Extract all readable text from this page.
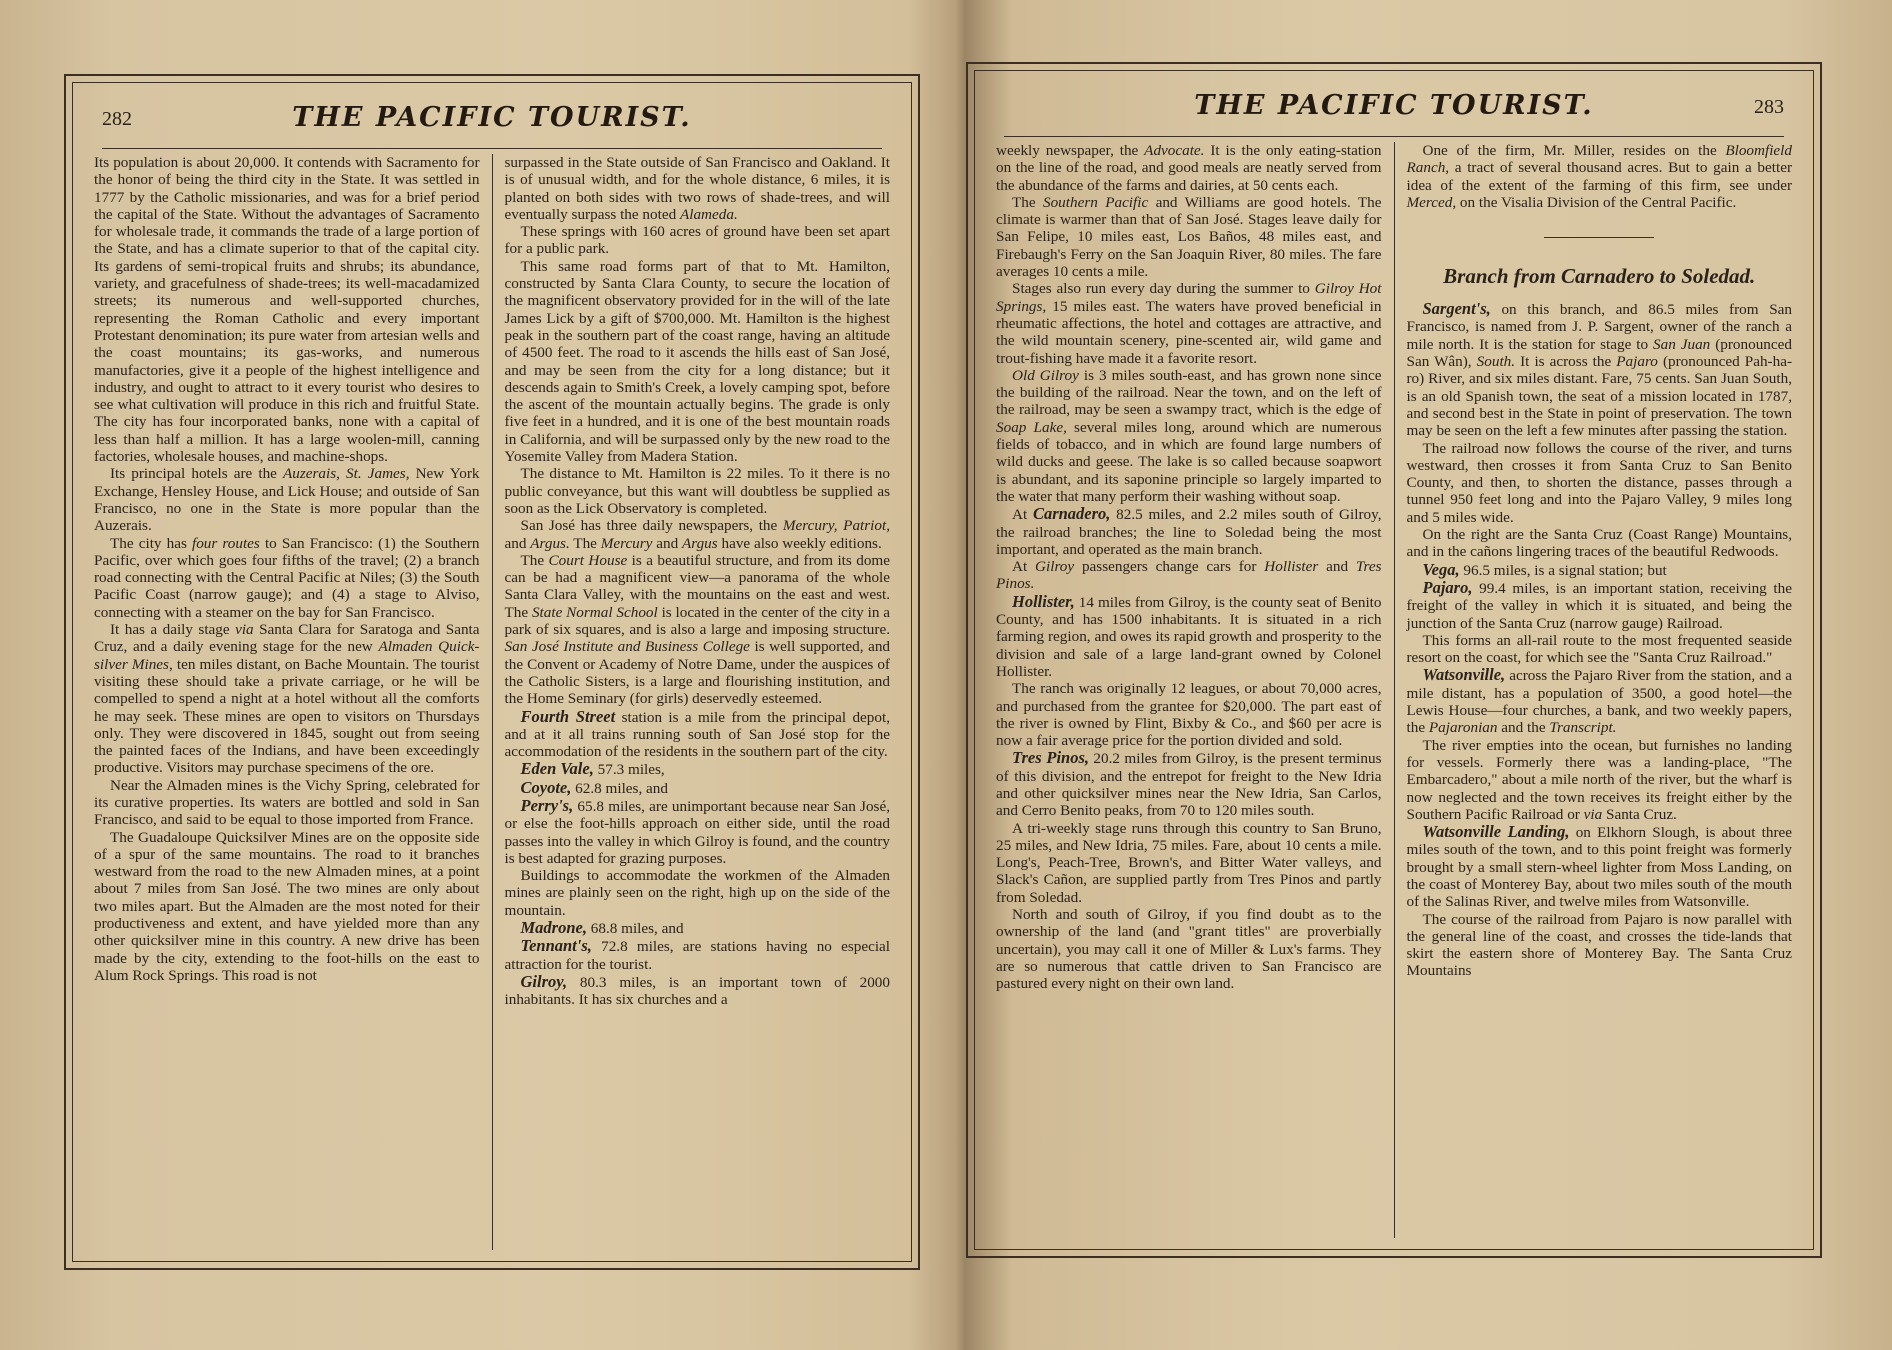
282	THE PACIFIC TOURIST.

Its population is about 20,000. It contends with Sacramento for the honor of being the third city in the State. It was settled in 1777 by the Catholic missionaries, and was for a brief period the capital of the State. Without the advantages of Sacramento for wholesale trade, it commands the trade of a large portion of the State, and has a climate superior to that of the capital city. Its gardens of semi-tropical fruits and shrubs; its abundance, variety, and gracefulness of shade-trees; its well-macadamized streets; its numerous and well-supported churches, representing the Roman Catholic and every important Protestant denomination; its pure water from artesian wells and the coast mountains; its gas-works, and numerous manufactories, give it a people of the highest intelligence and industry, and ought to attract to it every tourist who desires to see what cultivation will produce in this rich and fruitful State. The city has four incorporated banks, none with a capital of less than half a million. It has a large woolen-mill, canning factories, wholesale houses, and machine-shops.

Its principal hotels are the Auzerais, St. James, New York Exchange, Hensley House, and Lick House; and outside of San Francisco, no one in the State is more popular than the Auzerais.

The city has four routes to San Francisco: (1) the Southern Pacific, over which goes four fifths of the travel; (2) a branch road connecting with the Central Pacific at Niles; (3) the South Pacific Coast (narrow gauge); and (4) a stage to Alviso, connecting with a steamer on the bay for San Francisco.

It has a daily stage via Santa Clara for Saratoga and Santa Cruz, and a daily evening stage for the new Almaden Quick-silver Mines, ten miles distant, on Bache Mountain. The tourist visiting these should take a private carriage, or he will be compelled to spend a night at a hotel without all the comforts he may seek. These mines are open to visitors on Thursdays only. They were discovered in 1845, sought out from seeing the painted faces of the Indians, and have been exceedingly productive. Visitors may purchase specimens of the ore.

Near the Almaden mines is the Vichy Spring, celebrated for its curative properties. Its waters are bottled and sold in San Francisco, and said to be equal to those imported from France.

The Guadaloupe Quicksilver Mines are on the opposite side of a spur of the same mountains. The road to it branches westward from the road to the new Almaden mines, at a point about 7 miles from San José. The two mines are only about two miles apart. But the Almaden are the most noted for their productiveness and extent, and have yielded more than any other quicksilver mine in this country. A new drive has been made by the city, extending to the foot-hills on the east to Alum Rock Springs. This road is not

surpassed in the State outside of San Francisco and Oakland. It is of unusual width, and for the whole distance, 6 miles, it is planted on both sides with two rows of shade-trees, and will eventually surpass the noted Alameda.

These springs with 160 acres of ground have been set apart for a public park.

This same road forms part of that to Mt. Hamilton, constructed by Santa Clara County, to secure the location of the magnificent observatory provided for in the will of the late James Lick by a gift of $700,000. Mt. Hamilton is the highest peak in the southern part of the coast range, having an altitude of 4500 feet. The road to it ascends the hills east of San José, and may be seen from the city for a long distance; but it descends again to Smith's Creek, a lovely camping spot, before the ascent of the mountain actually begins. The grade is only five feet in a hundred, and it is one of the best mountain roads in California, and will be surpassed only by the new road to the Yosemite Valley from Madera Station.

The distance to Mt. Hamilton is 22 miles. To it there is no public conveyance, but this want will doubtless be supplied as soon as the Lick Observatory is completed.

San José has three daily newspapers, the Mercury, Patriot, and Argus. The Mercury and Argus have also weekly editions.

The Court House is a beautiful structure, and from its dome can be had a magnificent view—a panorama of the whole Santa Clara Valley, with the mountains on the east and west. The State Normal School is located in the center of the city in a park of six squares, and is also a large and imposing structure. San José Institute and Business College is well supported, and the Convent or Academy of Notre Dame, under the auspices of the Catholic Sisters, is a large and flourishing institution, and the Home Seminary (for girls) deservedly esteemed.

Fourth Street station is a mile from the principal depot, and at it all trains running south of San José stop for the accommodation of the residents in the southern part of the city.

Eden Vale, 57.3 miles,

Coyote, 62.8 miles, and

Perry's, 65.8 miles, are unimportant because near San José, or else the foot-hills approach on either side, until the road passes into the valley in which Gilroy is found, and the country is best adapted for grazing purposes.

Buildings to accommodate the workmen of the Almaden mines are plainly seen on the right, high up on the side of the mountain.

Madrone, 68.8 miles, and

Tennant's, 72.8 miles, are stations having no especial attraction for the tourist.

Gilroy, 80.3 miles, is an important town of 2000 inhabitants. It has six churches and a

THE PACIFIC TOURIST.	283

weekly newspaper, the Advocate. It is the only eating-station on the line of the road, and good meals are neatly served from the abundance of the farms and dairies, at 50 cents each.

The Southern Pacific and Williams are good hotels. The climate is warmer than that of San José. Stages leave daily for San Felipe, 10 miles east, Los Baños, 48 miles east, and Firebaugh's Ferry on the San Joaquin River, 80 miles. The fare averages 10 cents a mile.

Stages also run every day during the summer to Gilroy Hot Springs, 15 miles east. The waters have proved beneficial in rheumatic affections, the hotel and cottages are attractive, and the wild mountain scenery, pine-scented air, wild game and trout-fishing have made it a favorite resort.

Old Gilroy is 3 miles south-east, and has grown none since the building of the railroad. Near the town, and on the left of the railroad, may be seen a swampy tract, which is the edge of Soap Lake, several miles long, around which are numerous fields of tobacco, and in which are found large numbers of wild ducks and geese. The lake is so called because soapwort is abundant, and its saponine principle so largely imparted to the water that many perform their washing without soap.

At Carnadero, 82.5 miles, and 2.2 miles south of Gilroy, the railroad branches; the line to Soledad being the most important, and operated as the main branch.

At Gilroy passengers change cars for Hollister and Tres Pinos.

Hollister, 14 miles from Gilroy, is the county seat of Benito County, and has 1500 inhabitants. It is situated in a rich farming region, and owes its rapid growth and prosperity to the division and sale of a large land-grant owned by Colonel Hollister.

The ranch was originally 12 leagues, or about 70,000 acres, and purchased from the grantee for $20,000. The part east of the river is owned by Flint, Bixby & Co., and $60 per acre is now a fair average price for the portion divided and sold.

Tres Pinos, 20.2 miles from Gilroy, is the present terminus of this division, and the entrepot for freight to the New Idria and other quicksilver mines near the New Idria, San Carlos, and Cerro Benito peaks, from 70 to 120 miles south.

A tri-weekly stage runs through this country to San Bruno, 25 miles, and New Idria, 75 miles. Fare, about 10 cents a mile. Long's, Peach-Tree, Brown's, and Bitter Water valleys, and Slack's Cañon, are supplied partly from Tres Pinos and partly from Soledad.

North and south of Gilroy, if you find doubt as to the ownership of the land (and "grant titles" are proverbially uncertain), you may call it one of Miller & Lux's farms. They are so numerous that cattle driven to San Francisco are pastured every night on their own land.

One of the firm, Mr. Miller, resides on the Bloomfield Ranch, a tract of several thousand acres. But to gain a better idea of the extent of the farming of this firm, see under Merced, on the Visalia Division of the Central Pacific.

Branch from Carnadero to Soledad.

Sargent's, on this branch, and 86.5 miles from San Francisco, is named from J. P. Sargent, owner of the ranch a mile north. It is the station for stage to San Juan (pronounced San Wân), South. It is across the Pajaro (pronounced Pah-ha-ro) River, and six miles distant. Fare, 75 cents. San Juan South, is an old Spanish town, the seat of a mission located in 1787, and second best in the State in point of preservation. The town may be seen on the left a few minutes after passing the station.

The railroad now follows the course of the river, and turns westward, then crosses it from Santa Cruz to San Benito County, and then, to shorten the distance, passes through a tunnel 950 feet long and into the Pajaro Valley, 9 miles long and 5 miles wide.

On the right are the Santa Cruz (Coast Range) Mountains, and in the cañons lingering traces of the beautiful Redwoods.

Vega, 96.5 miles, is a signal station; but

Pajaro, 99.4 miles, is an important station, receiving the freight of the valley in which it is situated, and being the junction of the Santa Cruz (narrow gauge) Railroad.

This forms an all-rail route to the most frequented seaside resort on the coast, for which see the "Santa Cruz Railroad."

Watsonville, across the Pajaro River from the station, and a mile distant, has a population of 3500, a good hotel—the Lewis House—four churches, a bank, and two weekly papers, the Pajaronian and the Transcript.

The river empties into the ocean, but furnishes no landing for vessels. Formerly there was a landing-place, "The Embarcadero," about a mile north of the river, but the wharf is now neglected and the town receives its freight either by the Southern Pacific Railroad or via Santa Cruz.

Watsonville Landing, on Elkhorn Slough, is about three miles south of the town, and to this point freight was formerly brought by a small stern-wheel lighter from Moss Landing, on the coast of Monterey Bay, about two miles south of the mouth of the Salinas River, and twelve miles from Watsonville.

The course of the railroad from Pajaro is now parallel with the general line of the coast, and crosses the tide-lands that skirt the eastern shore of Monterey Bay. The Santa Cruz Mountains
